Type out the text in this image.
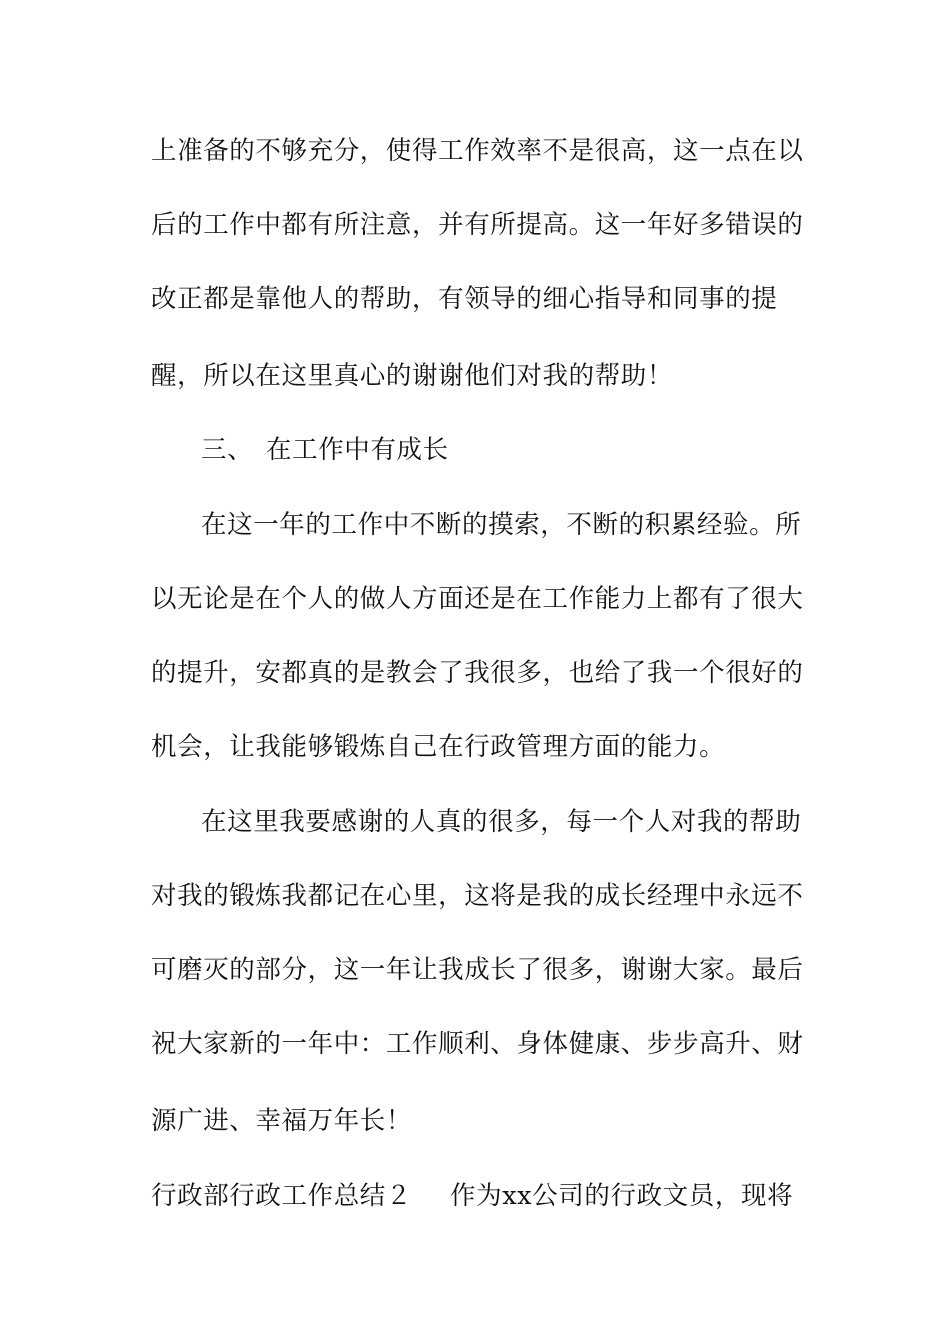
上准备的不够充分，使得工作效率不是很高，这一点在以
后的工作中都有所注意，并有所提高。这一年好多错误的
改正都是靠他人的帮助，有领导的细心指导和同事的提
醒，所以在这里真心的谢谢他们对我的帮助！
三、 在工作中有成长
在这一年的工作中不断的摸索，不断的积累经验。所
以无论是在个人的做人方面还是在工作能力上都有了很大
的提升，安都真的是教会了我很多，也给了我一个很好的
机会，让我能够锻炼自己在行政管理方面的能力。
在这里我要感谢的人真的很多，每一个人对我的帮助
对我的锻炼我都记在心里，这将是我的成长经理中永远不
可磨灭的部分，这一年让我成长了很多，谢谢大家。最后
祝大家新的一年中：工作顺利、身体健康、步步高升、财
源广进、幸福万年长！
行政部行政工作总结２ 作为xx公司的行政文员，现将
